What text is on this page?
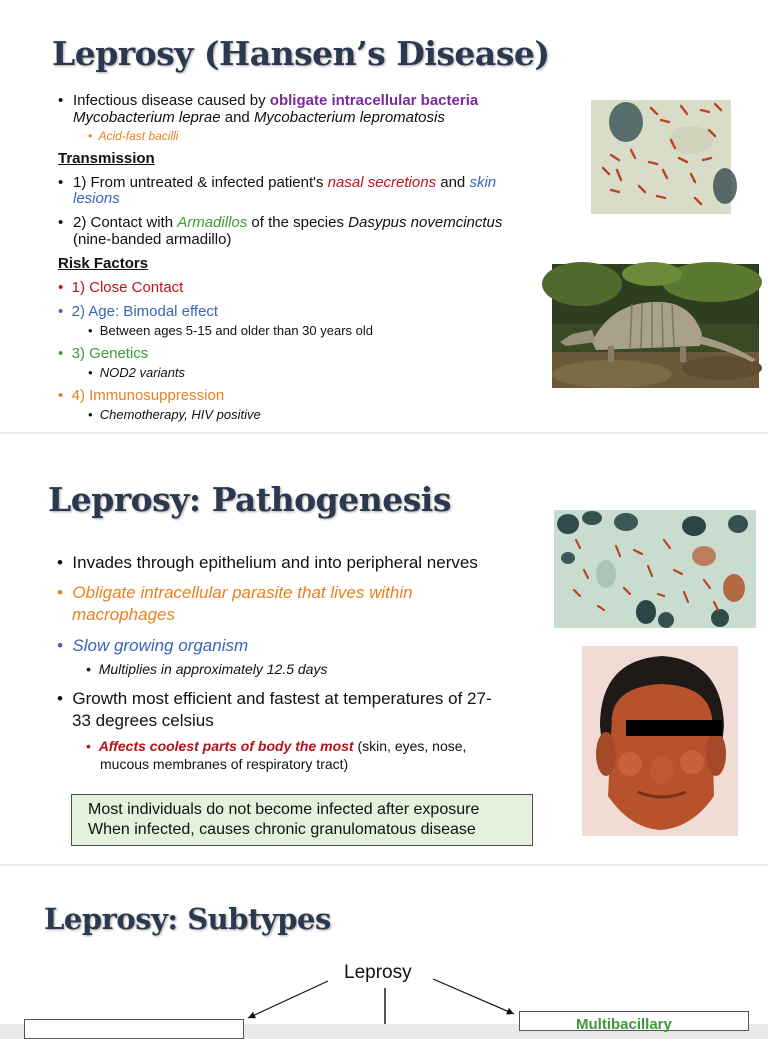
Leprosy (Hansen’s Disease)
• Infectious disease caused by obligate intracellular bacteria
Mycobacterium leprae and Mycobacterium lepromatosis
• Acid-fast bacilli
Transmission
• 1) From untreated & infected patient's nasal secretions and skin
lesions
• 2) Contact with Armadillos of the species Dasypus novemcinctus
(nine-banded armadillo)
Risk Factors
• 1) Close Contact
• 2) Age: Bimodal effect
• Between ages 5-15 and older than 30 years old
• 3) Genetics
• NOD2 variants
• 4) Immunosuppression
• Chemotherapy, HIV positive
Leprosy: Pathogenesis
• Invades through epithelium and into peripheral nerves
• Obligate intracellular parasite that lives within
macrophages
• Slow growing organism
• Multiplies in approximately 12.5 days
• Growth most efficient and fastest at temperatures of 27-
33 degrees celsius
• Affects coolest parts of body the most (skin, eyes, nose,
mucous membranes of respiratory tract)
Most individuals do not become infected after exposure
When infected, causes chronic granulomatous disease
Leprosy: Subtypes
Leprosy
Multibacillary
